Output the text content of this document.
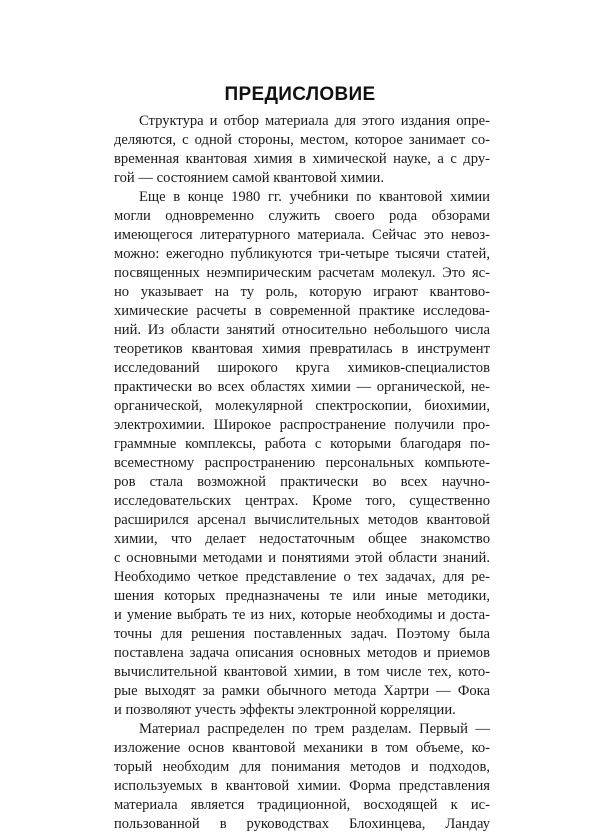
ПРЕДИСЛОВИЕ
Структура и отбор материала для этого издания опре-
деляются, с одной стороны, местом, которое занимает со-
временная квантовая химия в химической науке, а с дру-
гой — состоянием самой квантовой химии.
Еще в конце 1980 гг. учебники по квантовой химии
могли одновременно служить своего рода обзорами
имеющегося литературного материала. Сейчас это невоз-
можно: ежегодно публикуются три-четыре тысячи статей,
посвященных неэмпирическим расчетам молекул. Это яс-
но указывает на ту роль, которую играют квантово-
химические расчеты в современной практике исследова-
ний. Из области занятий относительно небольшого числа
теоретиков квантовая химия превратилась в инструмент
исследований широкого круга химиков-специалистов
практически во всех областях химии — органической, не-
органической, молекулярной спектроскопии, биохимии,
электрохимии. Широкое распространение получили про-
граммные комплексы, работа с которыми благодаря по-
всеместному распространению персональных компьюте-
ров стала возможной практически во всех научно-
исследовательских центрах. Кроме того, существенно
расширился арсенал вычислительных методов квантовой
химии, что делает недостаточным общее знакомство
с основными методами и понятиями этой области знаний.
Необходимо четкое представление о тех задачах, для ре-
шения которых предназначены те или иные методики,
и умение выбрать те из них, которые необходимы и доста-
точны для решения поставленных задач. Поэтому была
поставлена задача описания основных методов и приемов
вычислительной квантовой химии, в том числе тех, кото-
рые выходят за рамки обычного метода Хартри — Фока
и позволяют учесть эффекты электронной корреляции.
Материал распределен по трем разделам. Первый —
изложение основ квантовой механики в том объеме, ко-
торый необходим для понимания методов и подходов,
используемых в квантовой химии. Форма представления
материала является традиционной, восходящей к ис-
пользованной в руководствах Блохинцева, Ландау
